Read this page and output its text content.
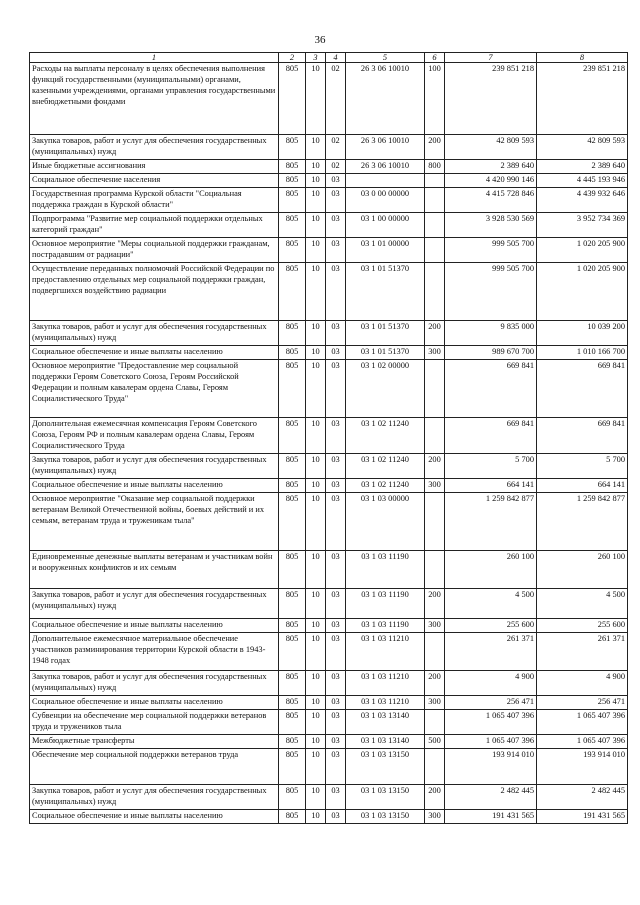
36
1	2	3	4	5	6	7	8
Расходы на выплаты персоналу в целях обеспечения выполнения функций государственными (муниципальными) органами, казенными учреждениями, органами управления государственными внебюджетными фондами	805	10	02	26 3 06 10010	100	239 851 218	239 851 218
Закупка товаров, работ и услуг для обеспечения государственных (муниципальных) нужд	805	10	02	26 3 06 10010	200	42 809 593	42 809 593
Иные бюджетные ассигнования	805	10	02	26 3 06 10010	800	2 389 640	2 389 640
Социальное обеспечение населения	805	10	03			4 420 990 146	4 445 193 946
Государственная программа Курской области "Социальная поддержка граждан в Курской области"	805	10	03	03 0 00 00000		4 415 728 846	4 439 932 646
Подпрограмма "Развитие мер социальной поддержки отдельных категорий граждан"	805	10	03	03 1 00 00000		3 928 530 569	3 952 734 369
Основное мероприятие "Меры социальной поддержки гражданам, пострадавшим от радиации"	805	10	03	03 1 01 00000		999 505 700	1 020 205 900
Осуществление переданных полномочий Российской Федерации по предоставлению отдельных мер социальной поддержки граждан, подвергшихся воздействию радиации	805	10	03	03 1 01 51370		999 505 700	1 020 205 900
Закупка товаров, работ и услуг для обеспечения государственных (муниципальных) нужд	805	10	03	03 1 01 51370	200	9 835 000	10 039 200
Социальное обеспечение и иные выплаты населению	805	10	03	03 1 01 51370	300	989 670 700	1 010 166 700
Основное мероприятие "Предоставление мер социальной поддержки Героям Советского Союза, Героям Российской Федерации и полным кавалерам ордена Славы, Героям Социалистического Труда"	805	10	03	03 1 02 00000		669 841	669 841
Дополнительная ежемесячная компенсация Героям Советского Союза, Героям РФ и полным кавалерам ордена Славы, Героям Социалистического Труда	805	10	03	03 1 02 11240		669 841	669 841
Закупка товаров, работ и услуг для обеспечения государственных (муниципальных) нужд	805	10	03	03 1 02 11240	200	5 700	5 700
Социальное обеспечение и иные выплаты населению	805	10	03	03 1 02 11240	300	664 141	664 141
Основное мероприятие "Оказание мер социальной поддержки ветеранам Великой Отечественной войны, боевых действий и их семьям, ветеранам труда и труженикам тыла"	805	10	03	03 1 03 00000		1 259 842 877	1 259 842 877
Единовременные денежные выплаты ветеранам и участникам войн и вооруженных конфликтов и их семьям	805	10	03	03 1 03 11190		260 100	260 100
Закупка товаров, работ и услуг для обеспечения государственных (муниципальных) нужд	805	10	03	03 1 03 11190	200	4 500	4 500
Социальное обеспечение и иные выплаты населению	805	10	03	03 1 03 11190	300	255 600	255 600
Дополнительное ежемесячное материальное обеспечение участников разминирования территории Курской области в 1943-1948 годах	805	10	03	03 1 03 11210		261 371	261 371
Закупка товаров, работ и услуг для обеспечения государственных (муниципальных) нужд	805	10	03	03 1 03 11210	200	4 900	4 900
Социальное обеспечение и иные выплаты населению	805	10	03	03 1 03 11210	300	256 471	256 471
Субвенции на обеспечение мер социальной поддержки ветеранов труда и тружеников тыла	805	10	03	03 1 03 13140		1 065 407 396	1 065 407 396
Межбюджетные трансферты	805	10	03	03 1 03 13140	500	1 065 407 396	1 065 407 396
Обеспечение мер социальной поддержки ветеранов труда	805	10	03	03 1 03 13150		193 914 010	193 914 010
Закупка товаров, работ и услуг для обеспечения государственных (муниципальных) нужд	805	10	03	03 1 03 13150	200	2 482 445	2 482 445
Социальное обеспечение и иные выплаты населению	805	10	03	03 1 03 13150	300	191 431 565	191 431 565
